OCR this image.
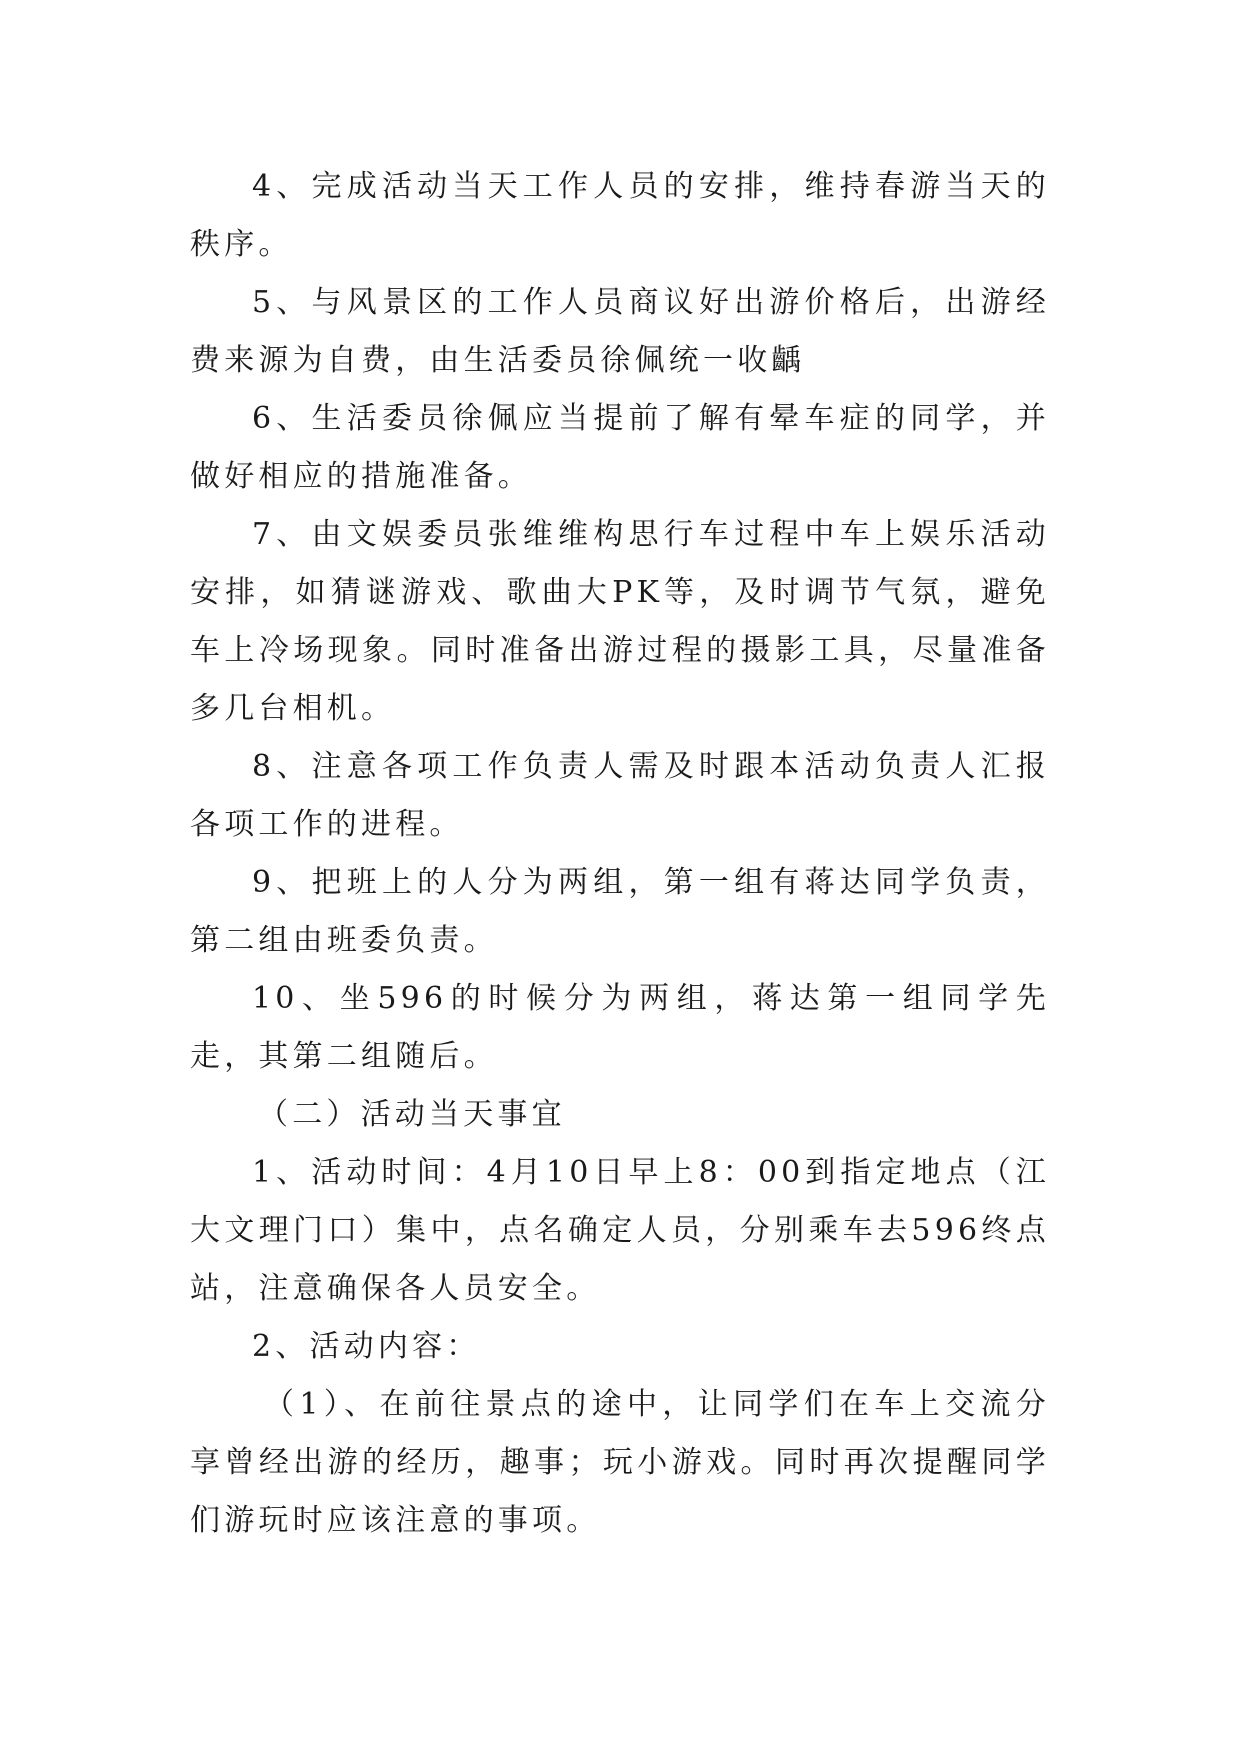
4、完成活动当天工作人员的安排，维持春游当天的秩序。

5、与风景区的工作人员商议好出游价格后，出游经费来源为自费，由生活委员徐佩统一收齲

6、生活委员徐佩应当提前了解有晕车症的同学，并做好相应的措施准备。

7、由文娱委员张维维构思行车过程中车上娱乐活动安排，如猜谜游戏、歌曲大PK等，及时调节气氛，避免车上冷场现象。同时准备出游过程的摄影工具，尽量准备多几台相机。

8、注意各项工作负责人需及时跟本活动负责人汇报各项工作的进程。

9、把班上的人分为两组，第一组有蒋达同学负责，第二组由班委负责。

10、坐596的时候分为两组，蒋达第一组同学先走，其第二组随后。

（二）活动当天事宜

1、活动时间：4月10日早上8：00到指定地点（江大文理门口）集中，点名确定人员，分别乘车去596终点站，注意确保各人员安全。

2、活动内容：

（1）、在前往景点的途中，让同学们在车上交流分享曾经出游的经历，趣事；玩小游戏。同时再次提醒同学们游玩时应该注意的事项。
